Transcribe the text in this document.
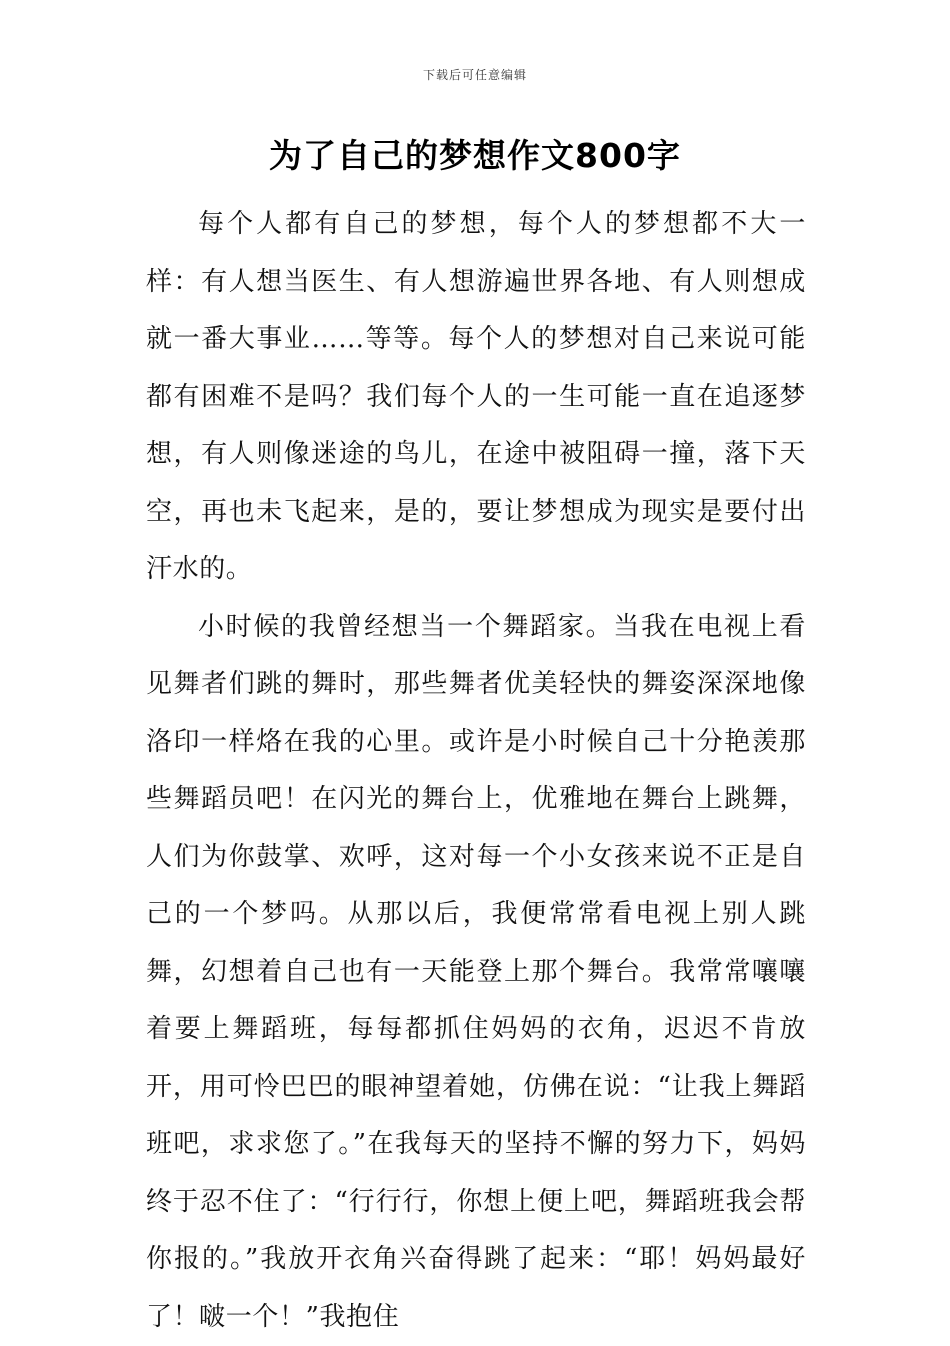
下载后可任意编辑
为了自己的梦想作文800字

每个人都有自己的梦想，每个人的梦想都不大一样：有人想当医生、有人想游遍世界各地、有人则想成就一番大事业……等等。每个人的梦想对自己来说可能都有困难不是吗？我们每个人的一生可能一直在追逐梦想，有人则像迷途的鸟儿，在途中被阻碍一撞，落下天空，再也未飞起来，是的，要让梦想成为现实是要付出汗水的。

小时候的我曾经想当一个舞蹈家。当我在电视上看见舞者们跳的舞时，那些舞者优美轻快的舞姿深深地像洛印一样烙在我的心里。或许是小时候自己十分艳羡那些舞蹈员吧！在闪光的舞台上，优雅地在舞台上跳舞，人们为你鼓掌、欢呼，这对每一个小女孩来说不正是自己的一个梦吗。从那以后，我便常常看电视上别人跳舞，幻想着自己也有一天能登上那个舞台。我常常嚷嚷着要上舞蹈班，每每都抓住妈妈的衣角，迟迟不肯放开，用可怜巴巴的眼神望着她，仿佛在说：“让我上舞蹈班吧，求求您了。”在我每天的坚持不懈的努力下，妈妈终于忍不住了：“行行行，你想上便上吧，舞蹈班我会帮你报的。”我放开衣角兴奋得跳了起来：“耶！妈妈最好了！啵一个！”我抱住
